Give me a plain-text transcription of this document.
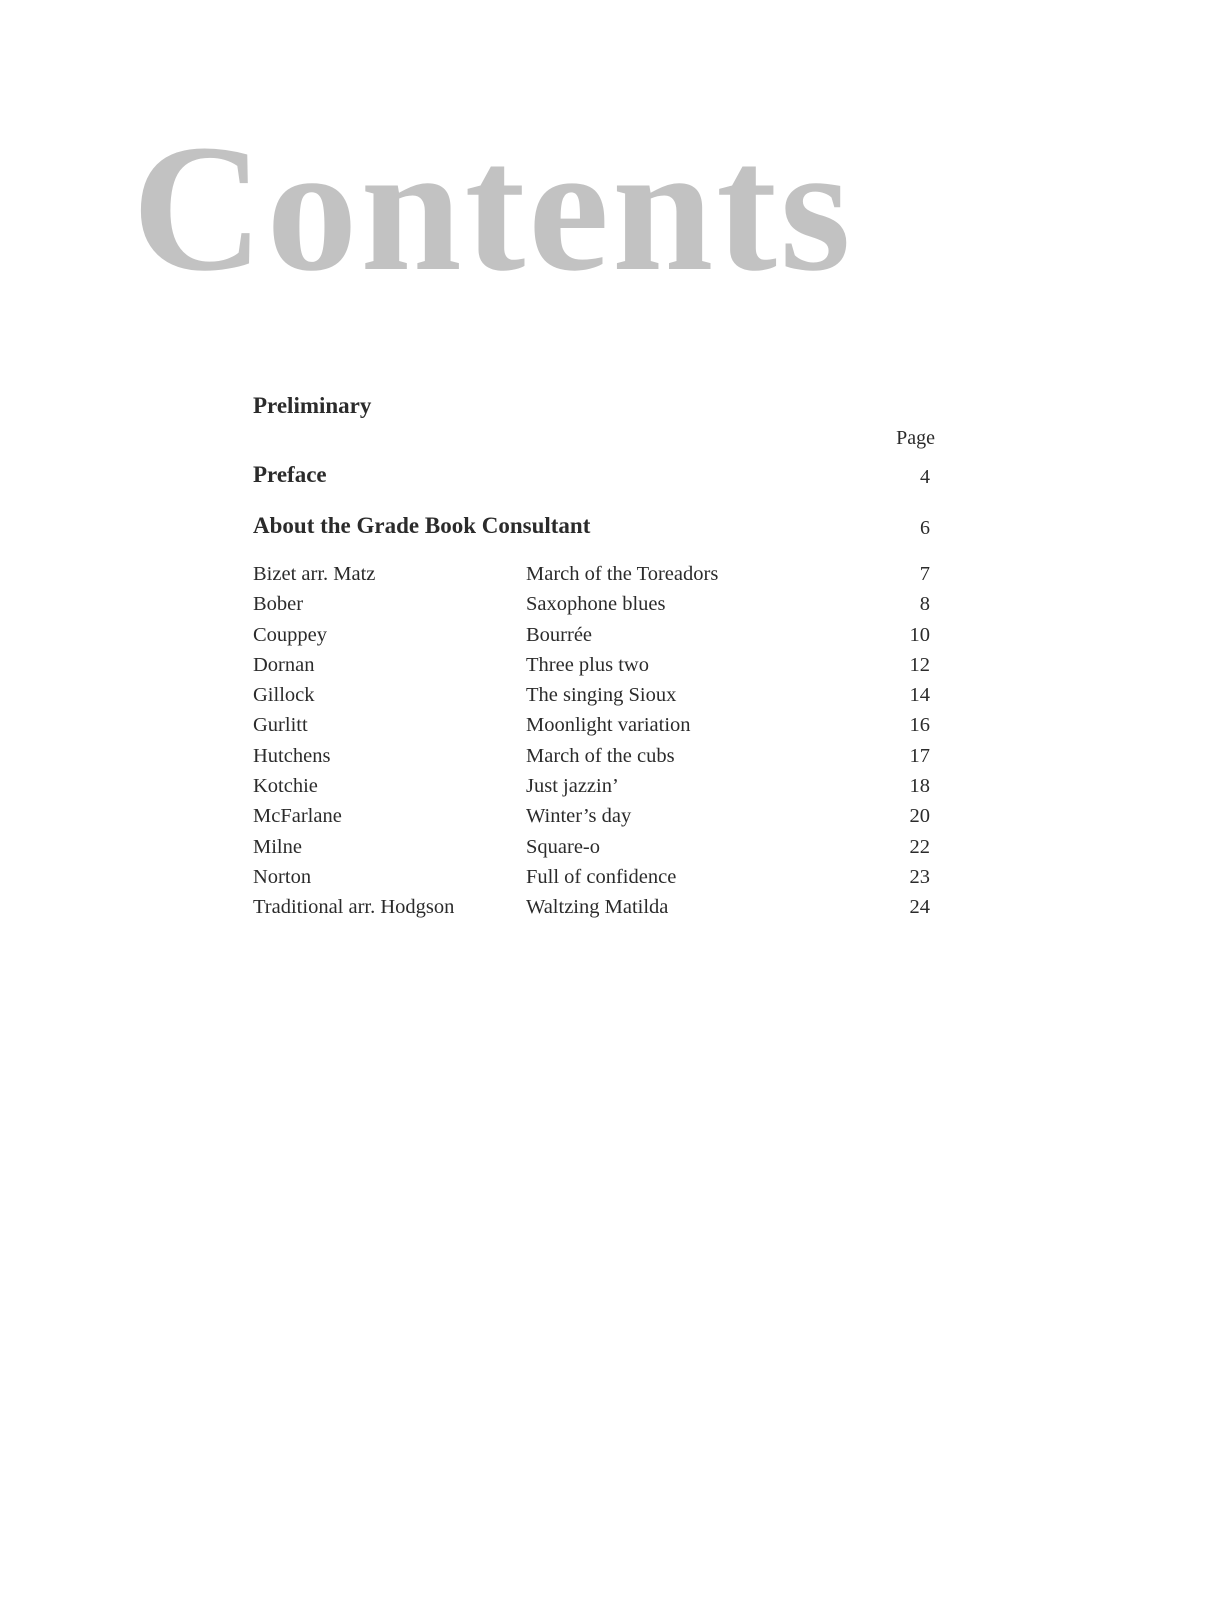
Contents
Preliminary
Page
Preface	4
About the Grade Book Consultant	6
Bizet arr. Matz	March of the Toreadors	7
Bober	Saxophone blues	8
Couppey	Bourrée	10
Dornan	Three plus two	12
Gillock	The singing Sioux	14
Gurlitt	Moonlight variation	16
Hutchens	March of the cubs	17
Kotchie	Just jazzin’	18
McFarlane	Winter’s day	20
Milne	Square-o	22
Norton	Full of confidence	23
Traditional arr. Hodgson	Waltzing Matilda	24
